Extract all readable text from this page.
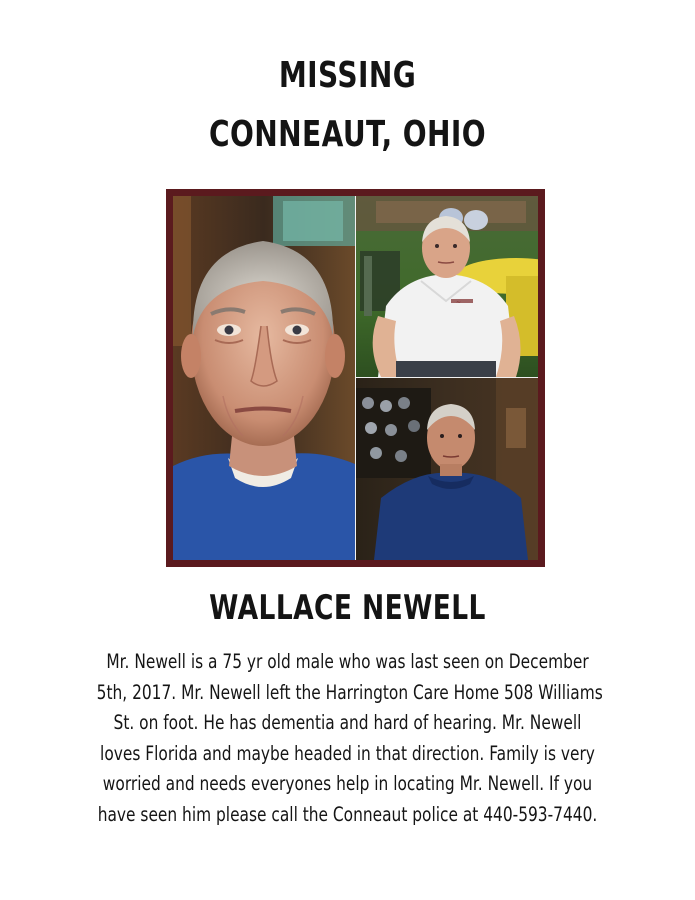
MISSING
CONNEAUT, OHIO
WALLACE NEWELL
Mr. Newell is a 75 yr old male who was last seen on December
5th, 2017. Mr. Newell left the Harrington Care Home 508 Williams
St. on foot. He has dementia and hard of hearing. Mr. Newell
loves Florida and maybe headed in that direction. Family is very
worried and needs everyones help in locating Mr. Newell. If you
have seen him please call the Conneaut police at 440-593-7440.
